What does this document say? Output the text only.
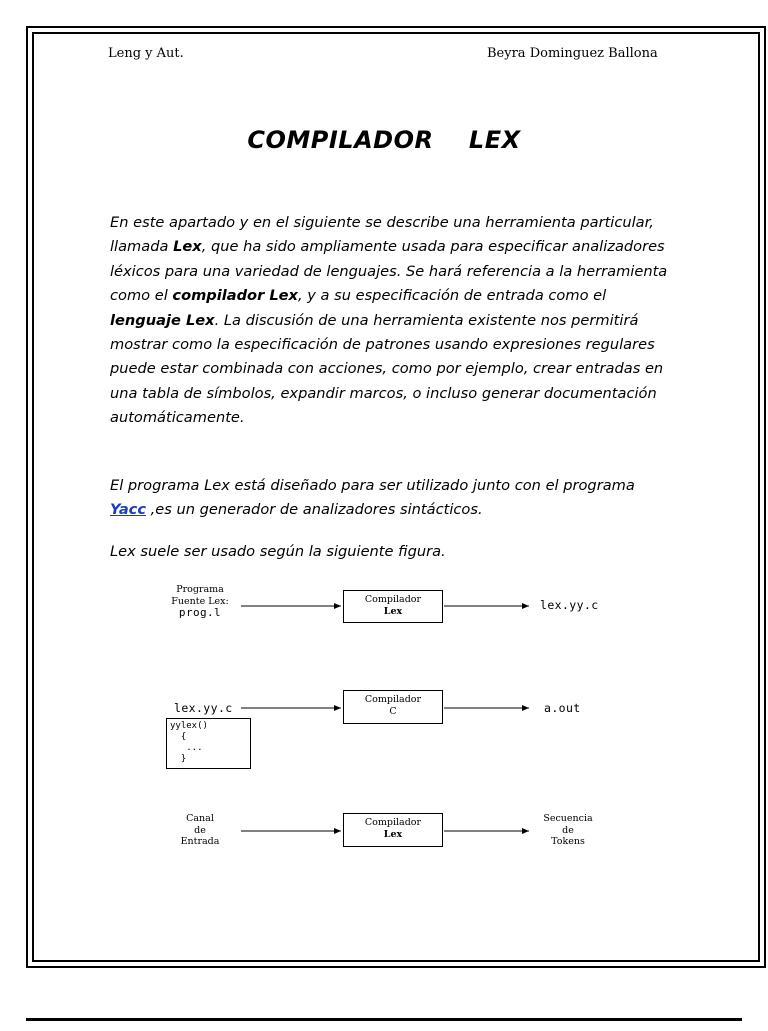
Leng y Aut.	Beyra Dominguez Ballona
COMPILADOR    LEX

En este apartado y en el siguiente se describe una herramienta particular, llamada Lex, que ha sido ampliamente usada para especificar analizadores léxicos para una variedad de lenguajes. Se hará referencia a la herramienta como el compilador Lex, y a su especificación de entrada como el lenguaje Lex. La discusión de una herramienta existente nos permitirá mostrar como la especificación de patrones usando expresiones regulares puede estar combinada con acciones, como por ejemplo, crear entradas en una tabla de símbolos, expandir marcos, o incluso generar documentación automáticamente.

El programa Lex está diseñado para ser utilizado junto con el programa Yacc ,es un generador de analizadores sintácticos.

Lex suele ser usado según la siguiente figura.

Programa
Fuente Lex:
prog.l
Compilador
Lex	lex.yy.c
lex.yy.c
yylex()
{
...
}
Compilador
C	a.out
Canal
de
Entrada
Compilador
Lex
Secuencia
de
Tokens
